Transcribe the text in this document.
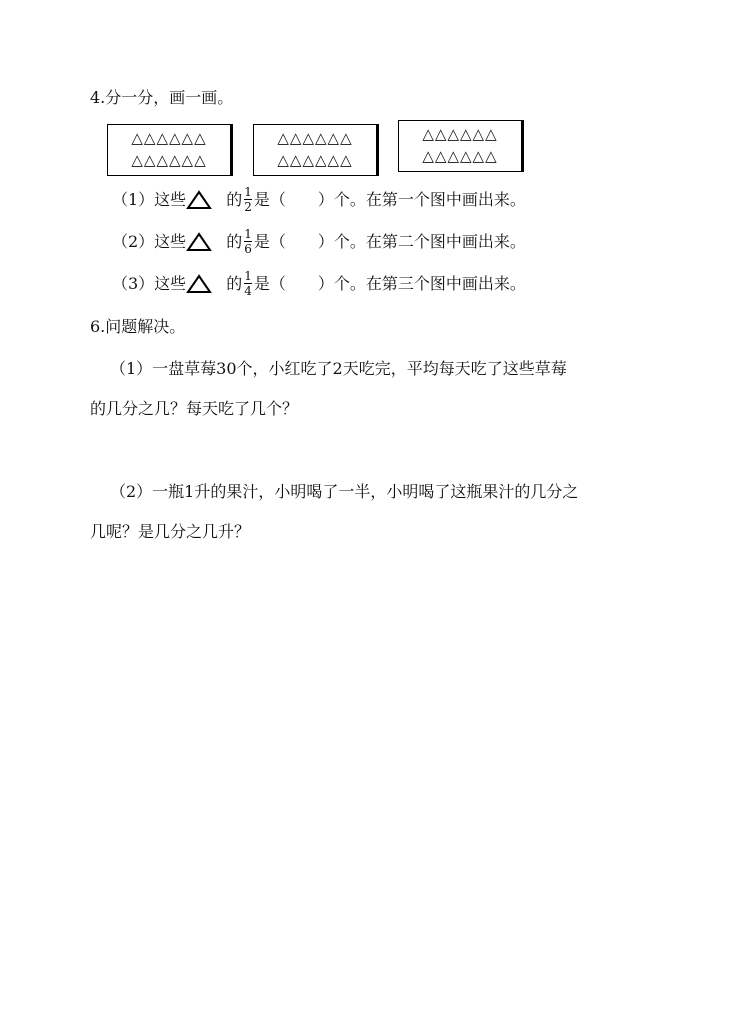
4.分一分，画一画。
△△△△△△
△△△△△△
△△△△△△
△△△△△△
△△△△△△
△△△△△△
（1）这些	的 $\frac{1}{2}$ 是（　　）个。在第一个图中画出来。
（2）这些	的 $\frac{1}{6}$ 是（　　）个。在第二个图中画出来。
（3）这些	的 $\frac{1}{4}$ 是（　　）个。在第三个图中画出来。
6.问题解决。
（1）一盘草莓30个，小红吃了2天吃完，平均每天吃了这些草莓
的几分之几？每天吃了几个？
（2）一瓶1升的果汁，小明喝了一半，小明喝了这瓶果汁的几分之
几呢？是几分之几升？
